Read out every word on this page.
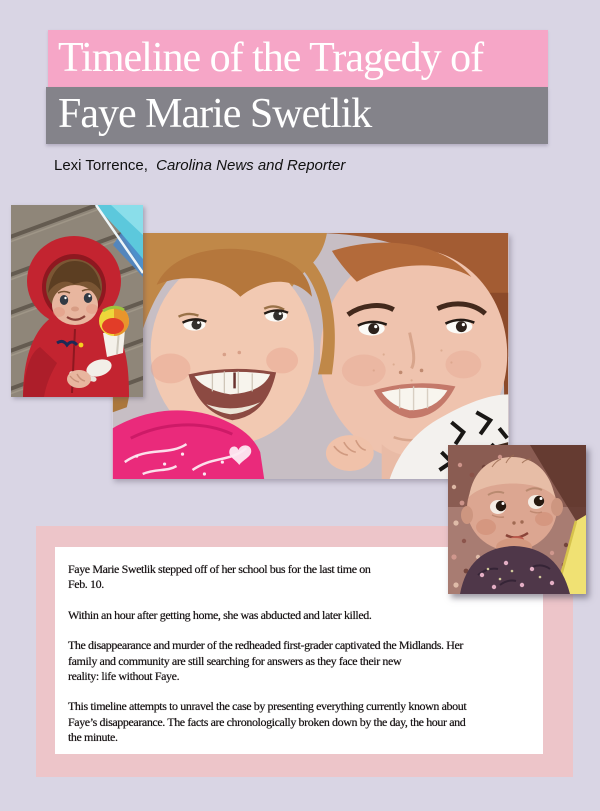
Timeline of the Tragedy of
Faye Marie Swetlik
Lexi Torrence, Carolina News and Reporter

Faye Marie Swetlik stepped off of her school bus for the last time on
Feb. 10.

Within an hour after getting home, she was abducted and later killed.

The disappearance and murder of the redheaded first-grader captivated the Midlands. Her
family and community are still searching for answers as they face their new
reality: life without Faye.

This timeline attempts to unravel the case by presenting everything currently known about
Faye’s disappearance. The facts are chronologically broken down by the day, the hour and
the minute.
